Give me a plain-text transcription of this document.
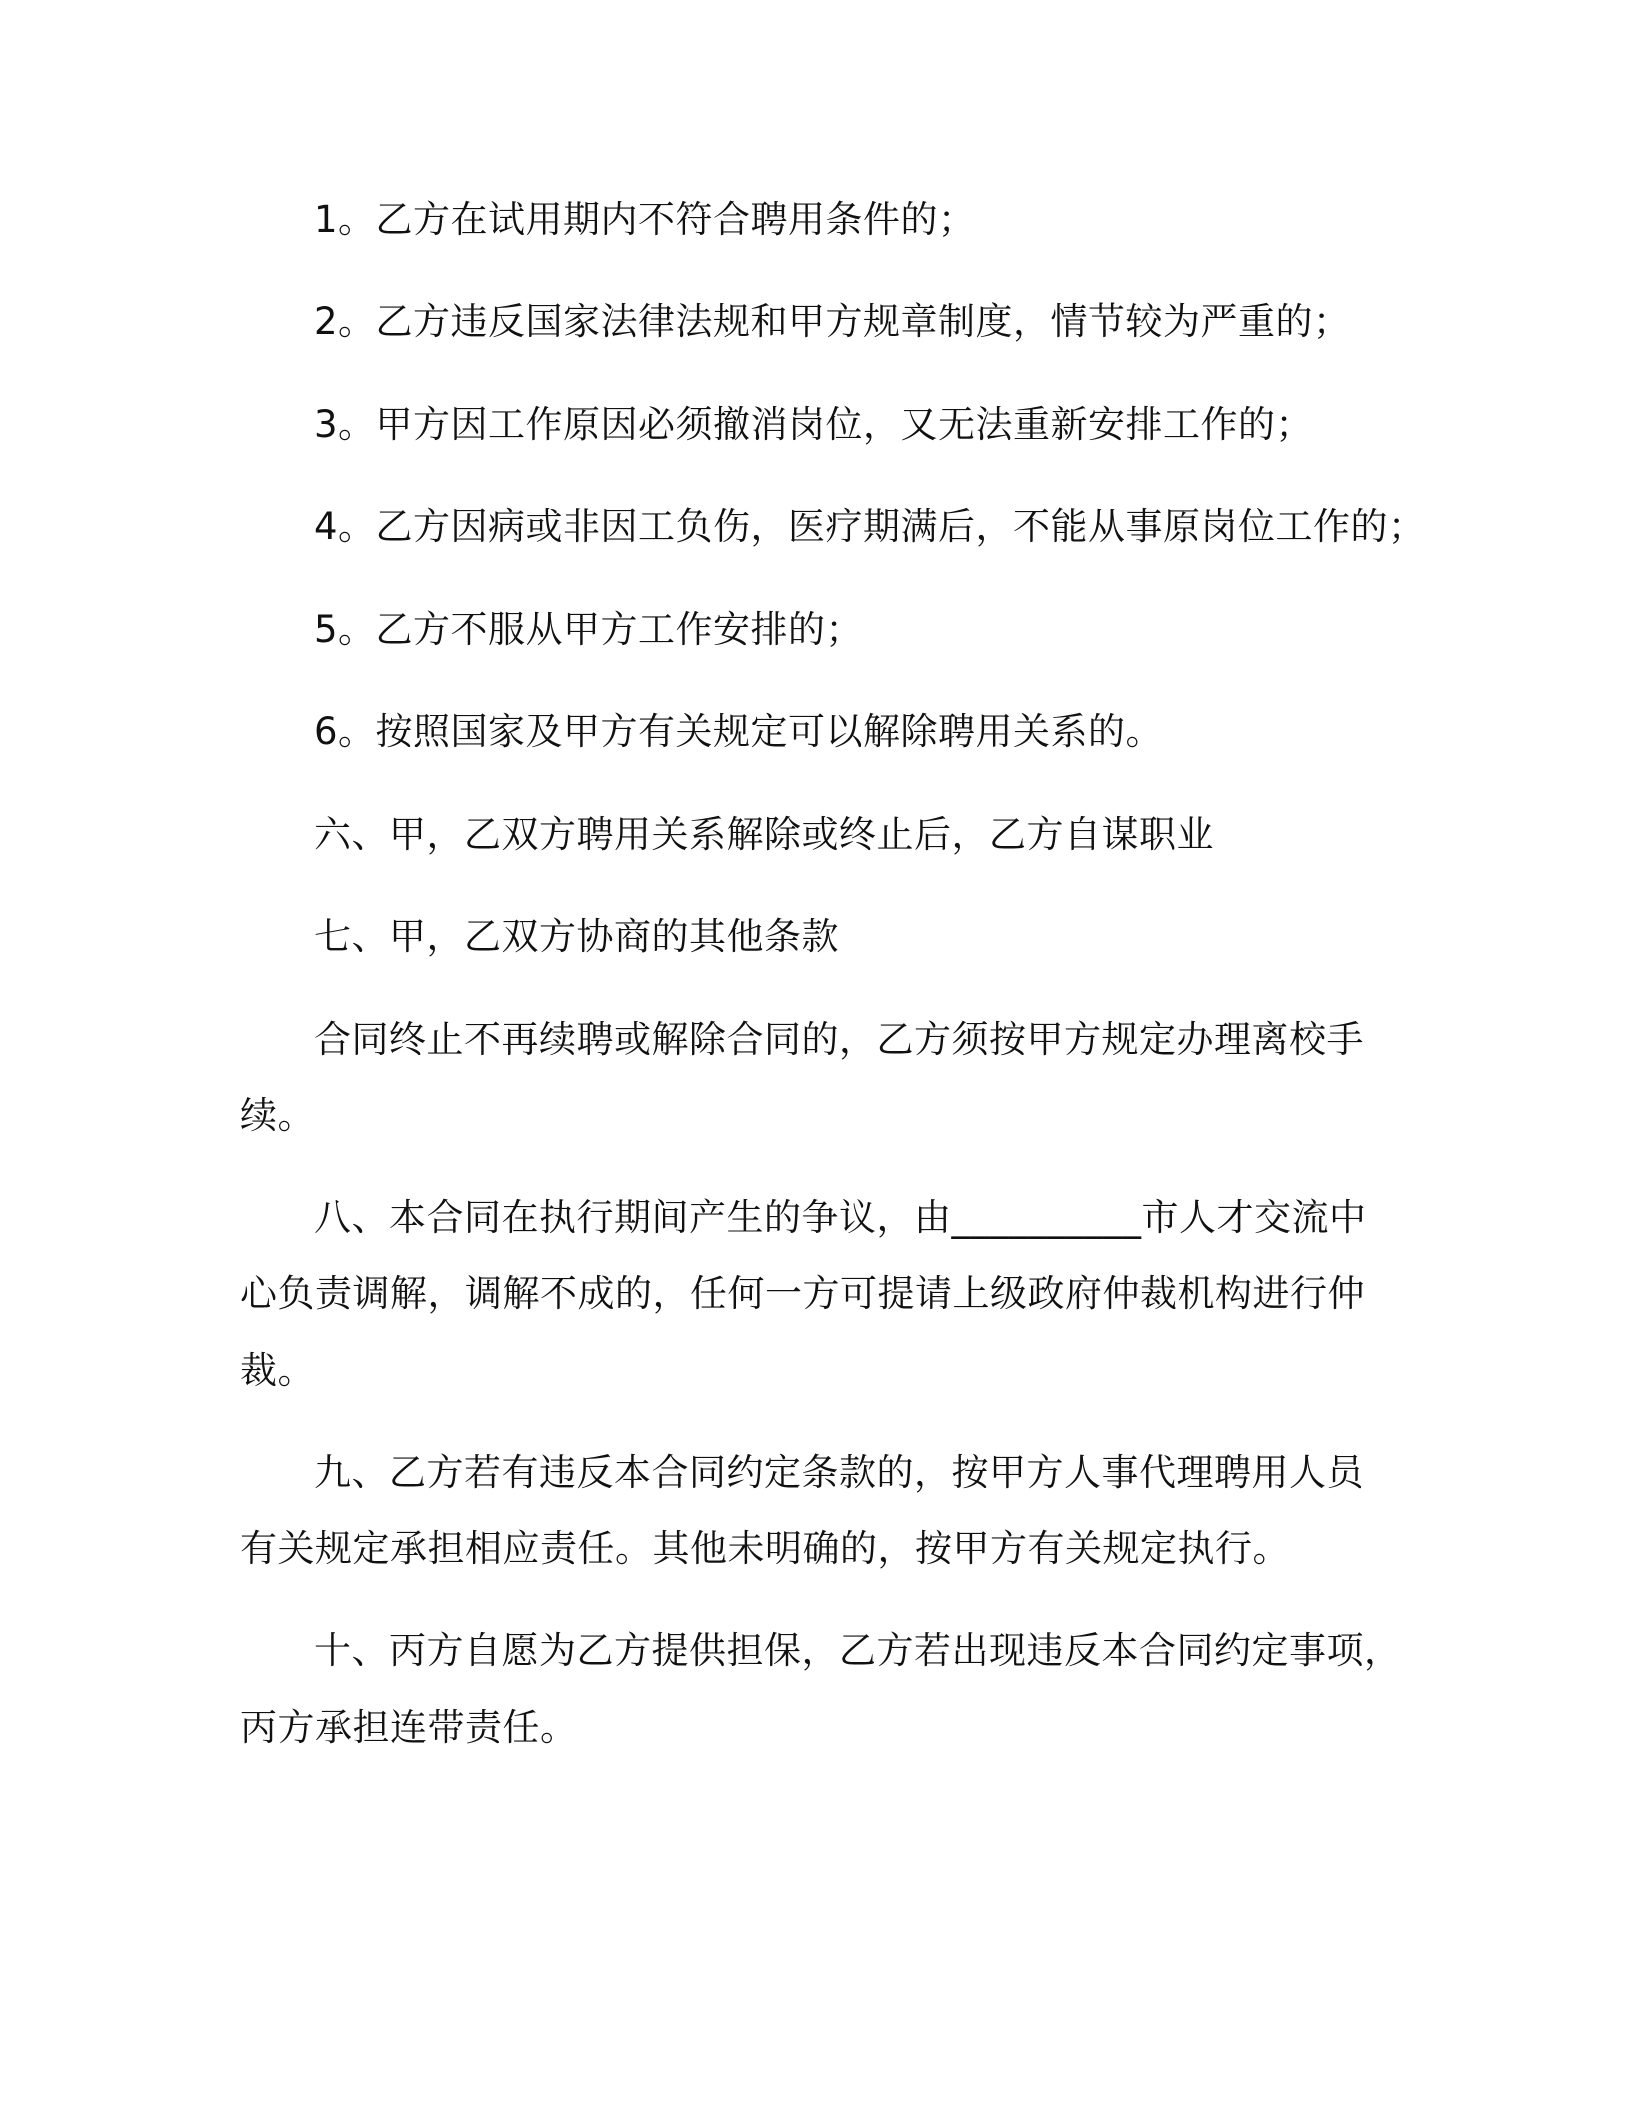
1。乙方在试用期内不符合聘用条件的；
2。乙方违反国家法律法规和甲方规章制度，情节较为严重的；
3。甲方因工作原因必须撤消岗位，又无法重新安排工作的；
4。乙方因病或非因工负伤，医疗期满后，不能从事原岗位工作的；
5。乙方不服从甲方工作安排的；
6。按照国家及甲方有关规定可以解除聘用关系的。
六、甲，乙双方聘用关系解除或终止后，乙方自谋职业
七、甲，乙双方协商的其他条款
合同终止不再续聘或解除合同的，乙方须按甲方规定办理离校手
续。
八、本合同在执行期间产生的争议，由__________市人才交流中
心负责调解，调解不成的，任何一方可提请上级政府仲裁机构进行仲
裁。
九、乙方若有违反本合同约定条款的，按甲方人事代理聘用人员
有关规定承担相应责任。其他未明确的，按甲方有关规定执行。
十、丙方自愿为乙方提供担保，乙方若出现违反本合同约定事项，
丙方承担连带责任。
